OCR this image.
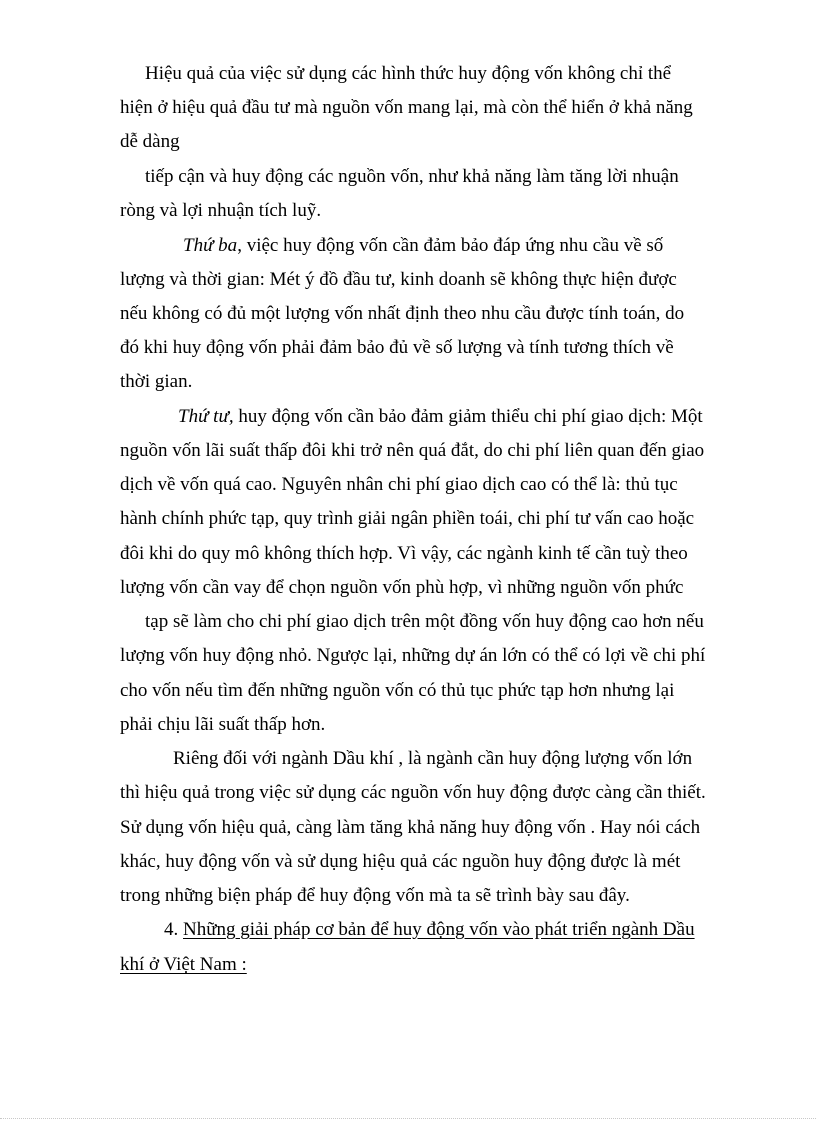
Hiệu quả của việc sử dụng các hình thức huy động vốn không chỉ thể
hiện ở hiệu quả đầu tư mà nguồn vốn mang lại, mà còn thể hiển ở khả năng
dễ dàng
tiếp cận và huy động các nguồn vốn, như khả năng làm tăng lời nhuận
ròng và lợi nhuận tích luỹ.
Thứ ba, việc huy động vốn cần đảm bảo đáp ứng nhu cầu về số
lượng và thời gian: Mét ý đồ đầu tư, kinh doanh sẽ không thực hiện được
nếu không có đủ một lượng vốn nhất định theo nhu cầu được tính toán, do
đó khi huy động vốn phải đảm bảo đủ về số lượng và tính tương thích về
thời gian.
Thứ tư, huy động vốn cần bảo đảm giảm thiểu chi phí giao dịch: Một
nguồn vốn lãi suất thấp đôi khi trở nên quá đắt, do chi phí liên quan đến giao
dịch về vốn quá cao. Nguyên nhân chi phí giao dịch cao có thể là: thủ tục
hành chính phức tạp, quy trình giải ngân phiền toái, chi phí tư vấn cao hoặc
đôi khi do quy mô không thích hợp. Vì vậy, các ngành kinh tế cần tuỳ theo
lượng vốn cần vay để chọn nguồn vốn phù hợp, vì những nguồn vốn phức
tạp sẽ làm cho chi phí giao dịch trên một đồng vốn huy động cao hơn nếu
lượng vốn huy động nhỏ. Ngược lại, những dự án lớn có thể có lợi về chi phí
cho vốn nếu tìm đến những nguồn vốn có thủ tục phức tạp hơn nhưng lại
phải chịu lãi suất thấp hơn.
Riêng đối với ngành Dầu khí , là ngành cần huy động lượng vốn lớn
thì hiệu quả trong việc sử dụng các nguồn vốn huy động được càng cần thiết.
Sử dụng vốn hiệu quả, càng làm tăng khả năng huy động vốn . Hay nói cách
khác, huy động vốn và sử dụng hiệu quả các nguồn huy động được là mét
trong những biện pháp để huy động vốn mà ta sẽ trình bày sau đây.
4. Những giải pháp cơ bản để huy động vốn vào phát triển ngành Dầu
khí ở Việt Nam :
